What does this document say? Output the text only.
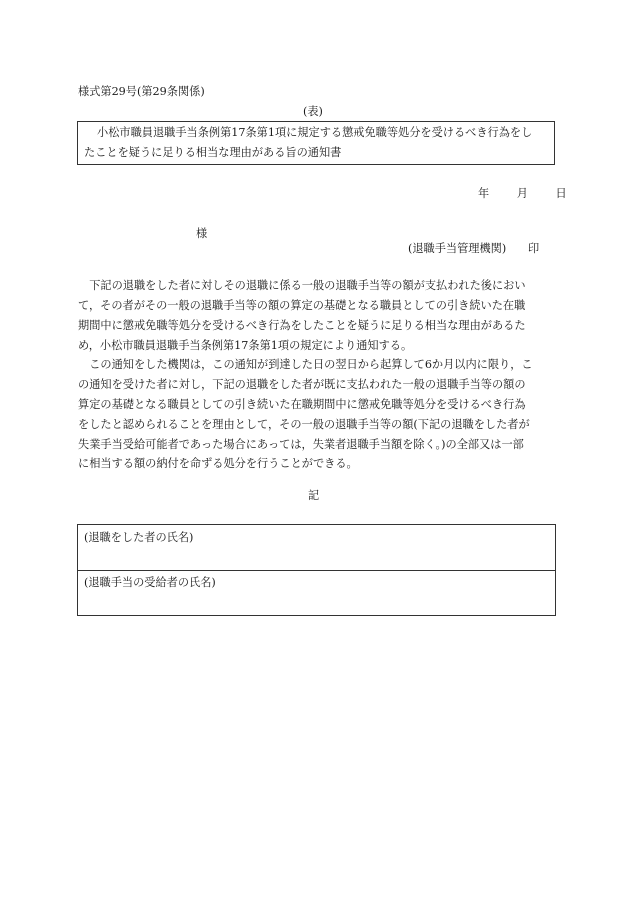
様式第29号(第29条関係)
(表)
小松市職員退職手当条例第17条第1項に規定する懲戒免職等処分を受けるべき行為をし
たことを疑うに足りる相当な理由がある旨の通知書
年 月 日
様
(退職手当管理機関) 印
　下記の退職をした者に対しその退職に係る一般の退職手当等の額が支払われた後におい
て，その者がその一般の退職手当等の額の算定の基礎となる職員としての引き続いた在職
期間中に懲戒免職等処分を受けるべき行為をしたことを疑うに足りる相当な理由があるた
め，小松市職員退職手当条例第17条第1項の規定により通知する。
　この通知をした機関は，この通知が到達した日の翌日から起算して6か月以内に限り，こ
の通知を受けた者に対し，下記の退職をした者が既に支払われた一般の退職手当等の額の
算定の基礎となる職員としての引き続いた在職期間中に懲戒免職等処分を受けるべき行為
をしたと認められることを理由として，その一般の退職手当等の額(下記の退職をした者が
失業手当受給可能者であった場合にあっては，失業者退職手当額を除く。)の全部又は一部
に相当する額の納付を命ずる処分を行うことができる。
記
(退職をした者の氏名)
(退職手当の受給者の氏名)
